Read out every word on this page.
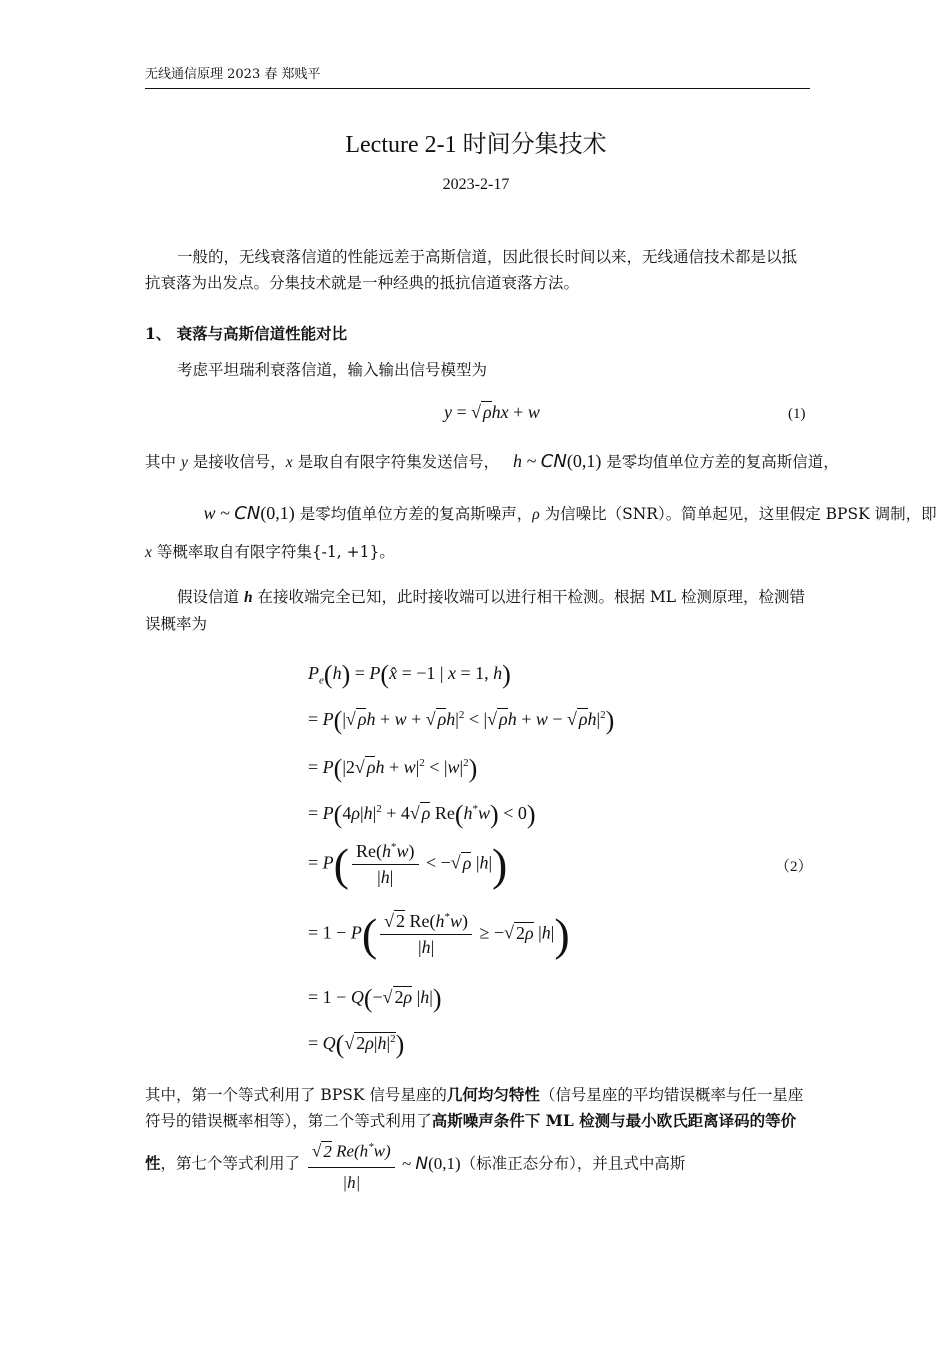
无线通信原理 2023 春 郑贱平
Lecture 2-1 时间分集技术
2023-2-17
一般的，无线衰落信道的性能远差于高斯信道，因此很长时间以来，无线通信技术都是以抵抗衰落为出发点。分集技术就是一种经典的抵抗信道衰落方法。
1、 衰落与高斯信道性能对比
考虑平坦瑞利衰落信道，输入输出信号模型为
y = √ ρhx + w	(1)
其中 y 是接收信号，x 是取自有限字符集发送信号， h ~ CN(0,1) 是零均值单位方差的复高斯信道，
w ~ CN(0,1) 是零均值单位方差的复高斯噪声，ρ 为信噪比（SNR）。简单起见，这里假定 BPSK 调制，即
x 等概率取自有限字符集{-1, +1}。
假设信道 h 在接收端完全已知，此时接收端可以进行相干检测。根据 ML 检测原理，检测错误概率为
$P_e(h)$ = P(x̂ = −1 | x = 1, h)
= P(|√ ρh + w + √ $\rho h|^2$ < |√ ρh + w − √ $\rho h|^2$)
= P(|2√ $\rho h + w|^2 < |w|^2$)
= $P(4\rho|h|^2 + 4√$ ρ Re(h*w) < 0)
= $P( \frac{Re(h^*w)}{|h|}$ < −√ ρ |h|)	（2）
= $1 - P( \frac{√ 2 Re(h^*w)}{|h|}$ ≥ −√ 2ρ |h|)
= 1 − Q(−√ 2ρ |h|)
= Q(√ $2\rho|h|^2$)
其中，第一个等式利用了 BPSK 信号星座的几何均匀特性（信号星座的平均错误概率与任一星座符号的错误概率相等），第二个等式利用了高斯噪声条件下 ML 检测与最小欧氏距离译码的等价性，第七个等式利用了 $\frac{√ 2 Re(h^*w)}{|h|}$ ~ N(0,1)（标准正态分布），并且式中高斯
